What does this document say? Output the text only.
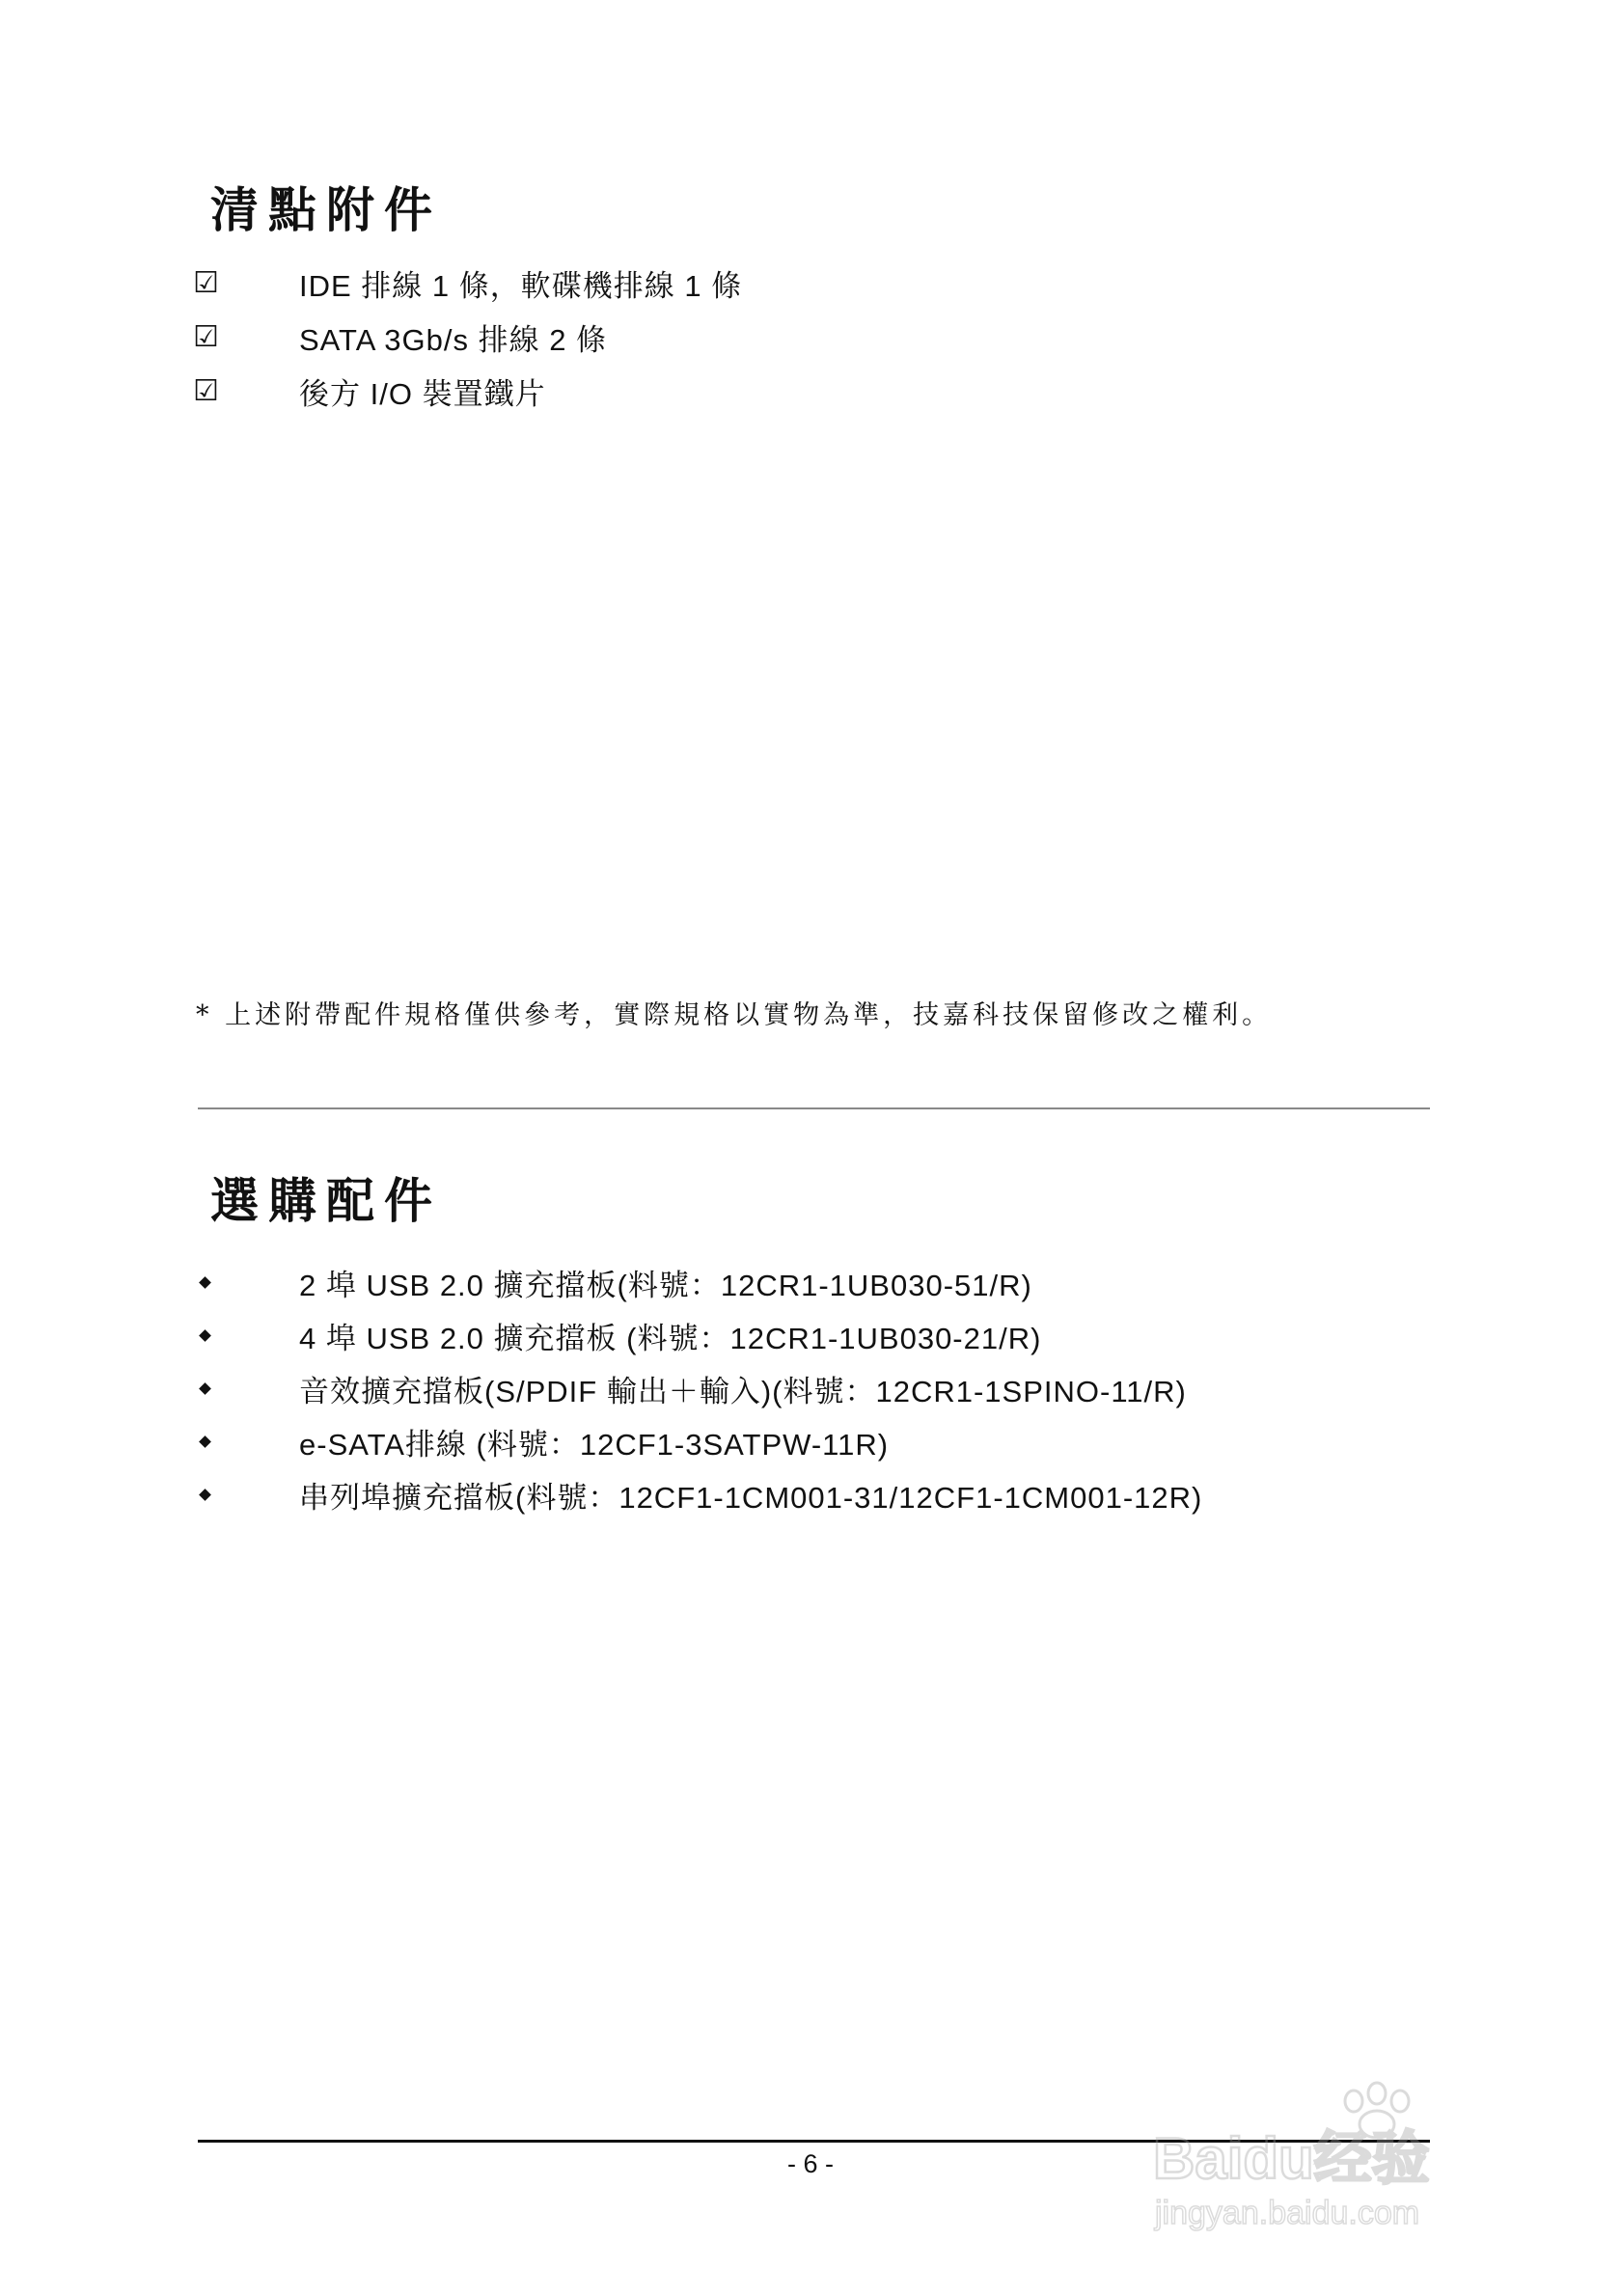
清點附件
☑	IDE 排線 1 條，軟碟機排線 1 條
☑	SATA 3Gb/s 排線 2 條
☑	後方 I/O 裝置鐵片
* 上述附帶配件規格僅供參考，實際規格以實物為準，技嘉科技保留修改之權利。
選購配件
2 埠 USB 2.0 擴充擋板(料號：12CR1-1UB030-51/R)
4 埠 USB 2.0 擴充擋板 (料號：12CR1-1UB030-21/R)
音效擴充擋板(S/PDIF 輸出＋輸入)(料號：12CR1-1SPINO-11/R)
e-SATA排線 (料號：12CF1-3SATPW-11R)
串列埠擴充擋板(料號：12CF1-1CM001-31/12CF1-1CM001-12R)
- 6 -	Baidu经验
jingyan.baidu.com
